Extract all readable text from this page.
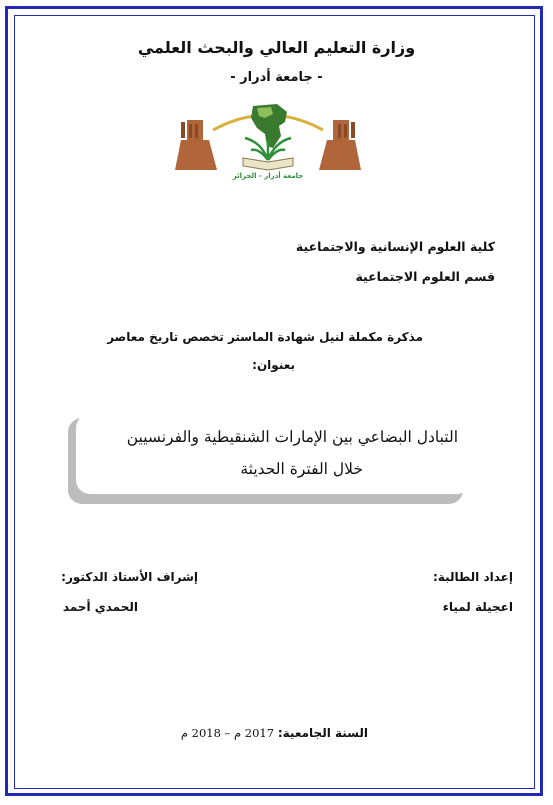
وزارة التعليم العالي والبحث العلمي
- جامعة أدرار -
جامعة أدرار - الجزائر
كلية العلوم الإنسانية والاجتماعية
قسم العلوم الاجتماعية
مذكرة مكملة لنيل شهادة الماستر تخصص تاريخ معاصر
بعنوان:
التبادل البضاعي بين الإمارات الشنقيطية والفرنسيين
خلال الفترة الحديثة
إعداد الطالبة:
اعجيلة لمياء
إشراف الأستاذ الدكتور:
الحمدي أحمد
السنة الجامعية: 2017 م – 2018 م
